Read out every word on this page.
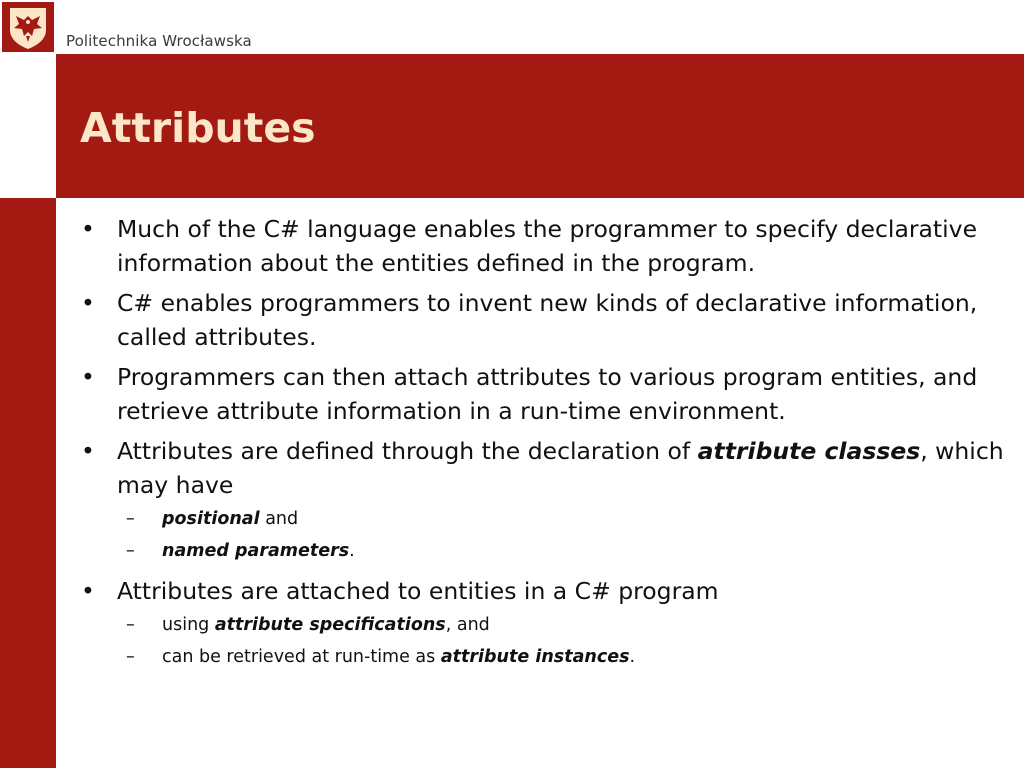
Politechnika Wrocławska
Attributes
• Much of the C# language enables the programmer to specify declarative information about the entities defined in the program.
• C# enables programmers to invent new kinds of declarative information, called attributes.
• Programmers can then attach attributes to various program entities, and retrieve attribute information in a run-time environment.
• Attributes are defined through the declaration of attribute classes, which may have
– positional and
– named parameters.
• Attributes are attached to entities in a C# program
– using attribute specifications, and
– can be retrieved at run-time as attribute instances.
